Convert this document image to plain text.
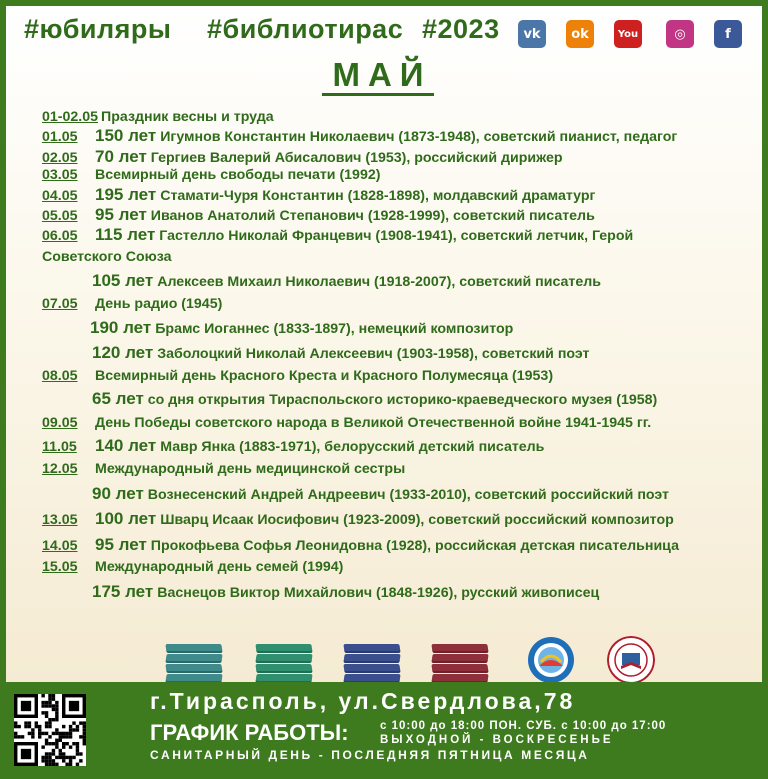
#юбиляры #библиотирас #2023	vk	ok	You	◎	f
МАЙ
01-02.05 Праздник весны и труда
01.05 150 лет Игумнов Константин Николаевич (1873-1948), советский пианист, педагог
02.05 70 лет Гергиев Валерий Абисалович (1953), российский дирижер
03.05 Всемирный день свободы печати (1992)
04.05 195 лет Стамати-Чуря Константин (1828-1898), молдавский драматург
05.05 95 лет Иванов Анатолий Степанович (1928-1999), советский писатель
06.05 115 лет Гастелло Николай Францевич (1908-1941), советский летчик, Герой
Советского Союза
105 лет Алексеев Михаил Николаевич (1918-2007), советский писатель
07.05 День радио (1945)
190 лет Брамс Иоганнес (1833-1897), немецкий композитор
120 лет Заболоцкий Николай Алексеевич (1903-1958), советский поэт
08.05 Всемирный день Красного Креста и Красного Полумесяца (1953)
65 лет со дня открытия Тираспольского историко-краеведческого музея (1958)
09.05 День Победы советского народа в Великой Отечественной войне 1941-1945 гг.
11.05 140 лет Мавр Янка (1883-1971), белорусский детский писатель
12.05 Международный день медицинской сестры
90 лет Вознесенский Андрей Андреевич (1933-2010), советский российский поэт
13.05 100 лет Шварц Исаак Иосифович (1923-2009), советский российский композитор
14.05 95 лет Прокофьева Софья Леонидовна (1928), российская детская писательница
15.05 Международный день семей (1994)
175 лет Васнецов Виктор Михайлович (1848-1926), русский живописец
г.Тирасполь, ул.Свердлова,78
ГРАФИК РАБОТЫ:	с 10:00 до 18:00 ПОН. СУБ. с 10:00 до 17:00
ВЫХОДНОЙ - ВОСКРЕСЕНЬЕ
САНИТАРНЫЙ ДЕНЬ - ПОСЛЕДНЯЯ ПЯТНИЦА МЕСЯЦА
